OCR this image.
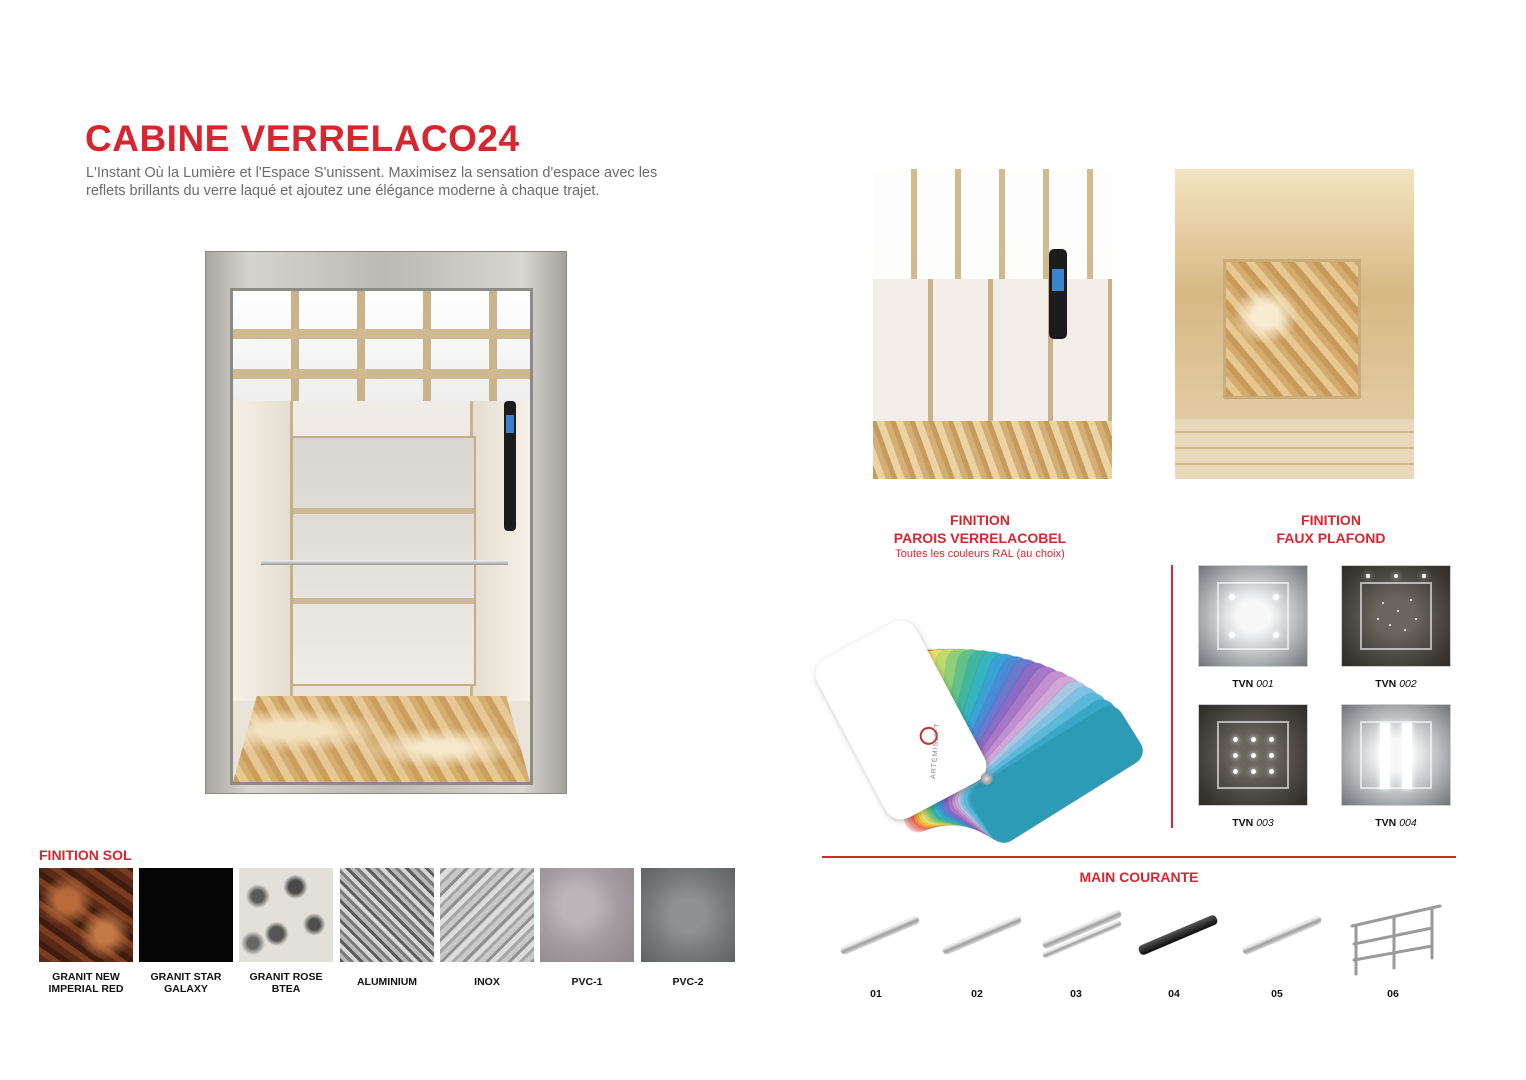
CABINE VERRELACO24
L'Instant Où la Lumière et l'Espace S'unissent. Maximisez la sensation d'espace avec les reflets brillants du verre laqué et ajoutez une élégance moderne à chaque trajet.
FINITION
PAROIS VERRELACOBEL
Toutes les couleurs RAL (au choix)
ARTEMISLIFT
FINITION
FAUX PLAFOND
TVN 001	TVN 002
TVN 003	TVN 004
FINITION SOL
GRANIT NEW
IMPERIAL RED
GRANIT STAR
GALAXY
GRANIT ROSE
BTEA
ALUMINIUM	INOX	PVC-1	PVC-2
MAIN COURANTE
01	02	03	04	05	06
